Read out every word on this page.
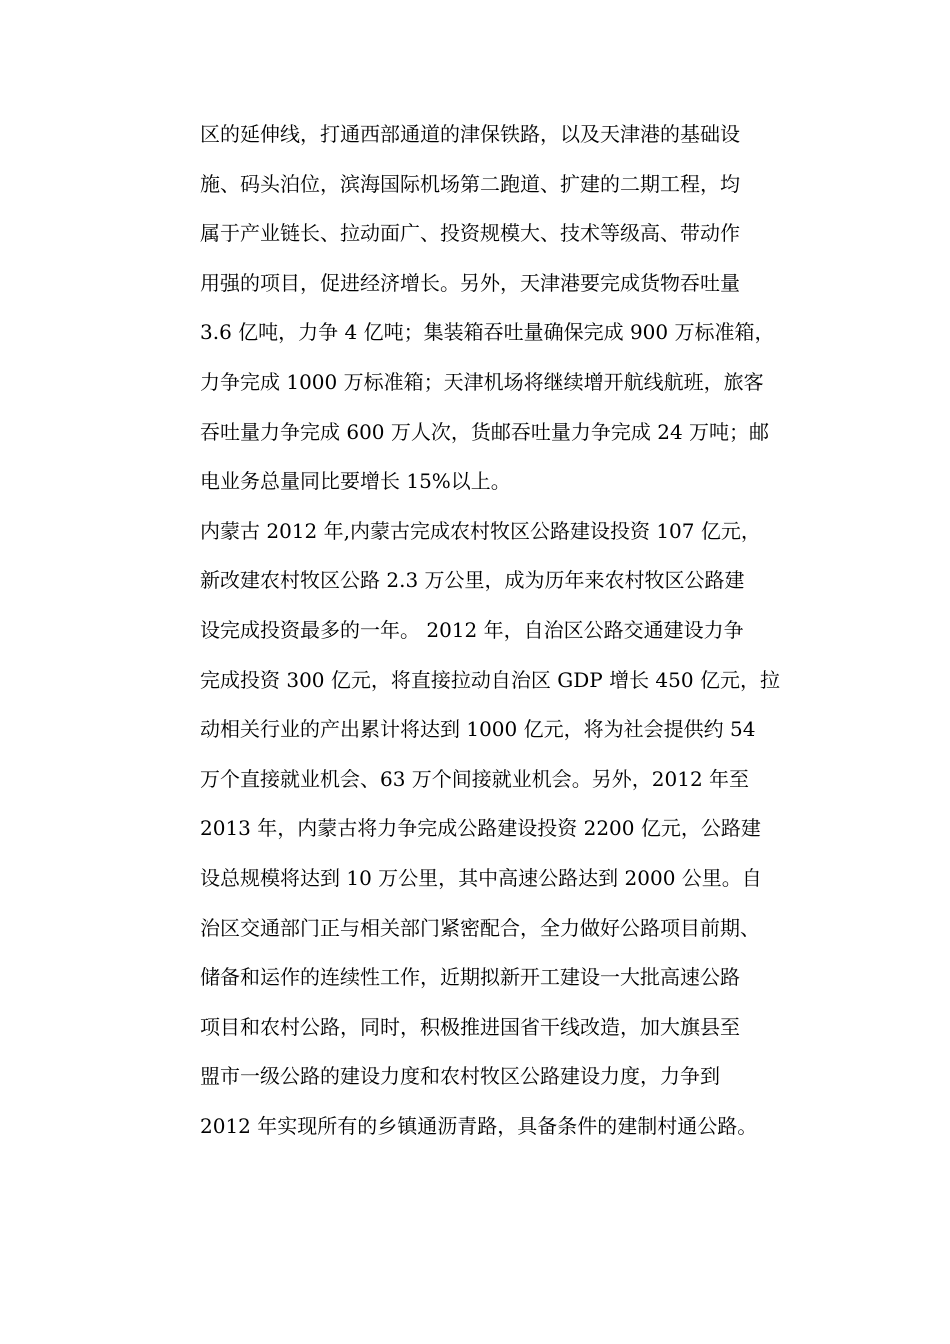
区的延伸线，打通西部通道的津保铁路，以及天津港的基础设
施、码头泊位，滨海国际机场第二跑道、扩建的二期工程，均
属于产业链长、拉动面广、投资规模大、技术等级高、带动作
用强的项目，促进经济增长。另外，天津港要完成货物吞吐量
3.6 亿吨，力争 4 亿吨；集装箱吞吐量确保完成 900 万标准箱，
力争完成 1000 万标准箱；天津机场将继续增开航线航班，旅客
吞吐量力争完成 600 万人次，货邮吞吐量力争完成 24 万吨；邮
电业务总量同比要增长 15%以上。
内蒙古 2012 年,内蒙古完成农村牧区公路建设投资 107 亿元，
新改建农村牧区公路 2.3 万公里，成为历年来农村牧区公路建
设完成投资最多的一年。 2012 年，自治区公路交通建设力争
完成投资 300 亿元，将直接拉动自治区 GDP 增长 450 亿元，拉
动相关行业的产出累计将达到 1000 亿元，将为社会提供约 54
万个直接就业机会、63 万个间接就业机会。另外，2012 年至
2013 年，内蒙古将力争完成公路建设投资 2200 亿元，公路建
设总规模将达到 10 万公里，其中高速公路达到 2000 公里。自
治区交通部门正与相关部门紧密配合，全力做好公路项目前期、
储备和运作的连续性工作，近期拟新开工建设一大批高速公路
项目和农村公路，同时，积极推进国省干线改造，加大旗县至
盟市一级公路的建设力度和农村牧区公路建设力度，力争到
2012 年实现所有的乡镇通沥青路，具备条件的建制村通公路。
